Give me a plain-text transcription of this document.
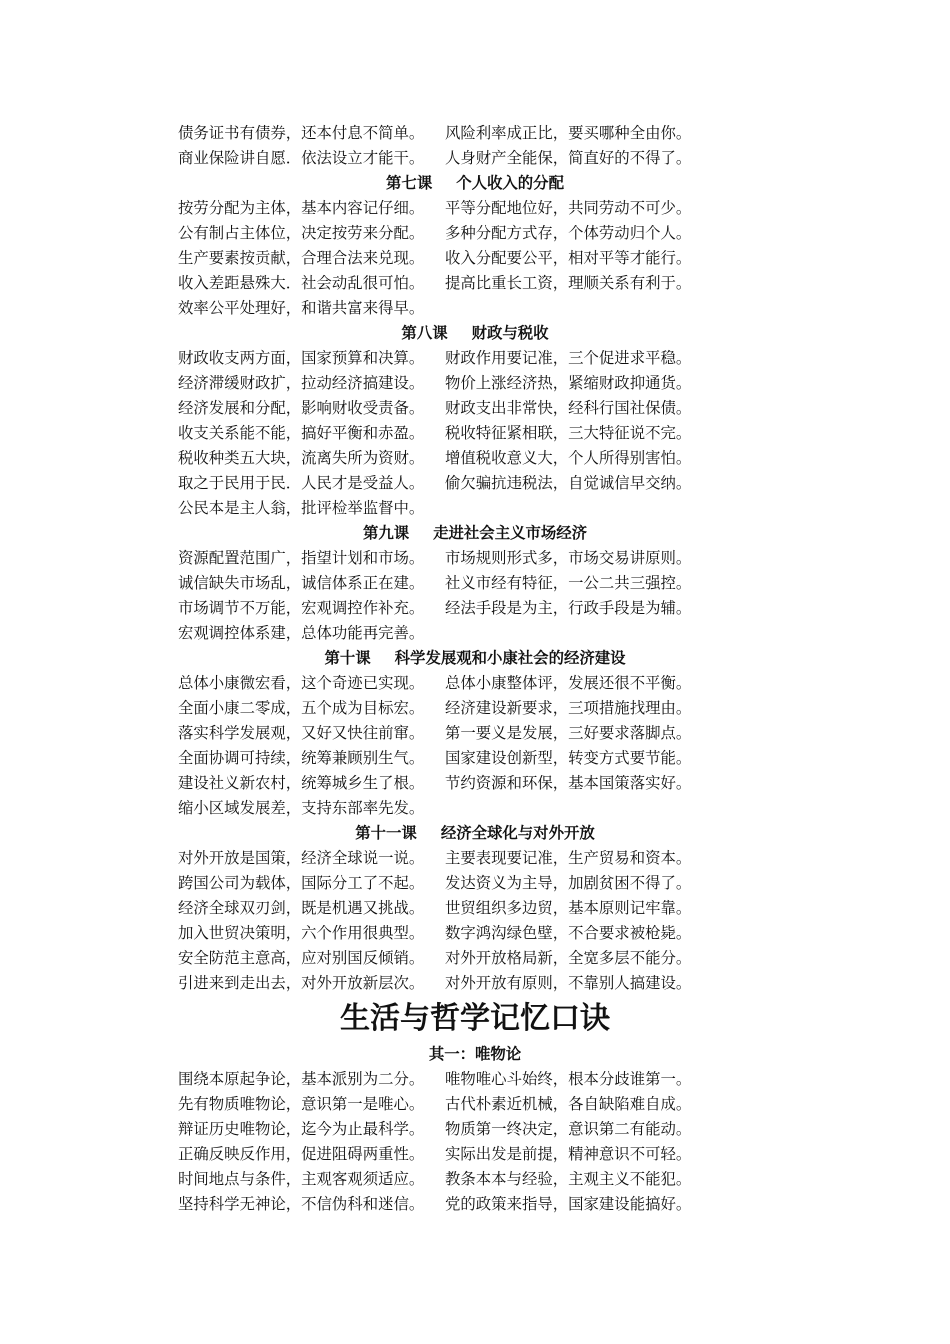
债务证书有债券，还本付息不简单。 风险利率成正比，要买哪种全由你。
商业保险讲自愿．依法设立才能干。 人身财产全能保，简直好的不得了。
第七课 个人收入的分配
按劳分配为主体，基本内容记仔细。 平等分配地位好，共同劳动不可少。
公有制占主体位，决定按劳来分配。 多种分配方式存，个体劳动归个人。
生产要素按贡献，合理合法来兑现。 收入分配要公平，相对平等才能行。
收入差距悬殊大．社会动乱很可怕。 提高比重长工资，理顺关系有利于。
效率公平处理好，和谐共富来得早。
第八课 财政与税收
财政收支两方面，国家预算和决算。 财政作用要记准，三个促进求平稳。
经济滞缓财政扩，拉动经济搞建设。 物价上涨经济热，紧缩财政抑通货。
经济发展和分配，影响财收受责备。 财政支出非常快，经科行国社保债。
收支关系能不能，搞好平衡和赤盈。 税收特征紧相联，三大特征说不完。
税收种类五大块，流离失所为资财。 增值税收意义大，个人所得别害怕。
取之于民用于民．人民才是受益人。 偷欠骗抗违税法，自觉诚信早交纳。
公民本是主人翁，批评检举监督中。
第九课 走进社会主义市场经济
资源配置范围广，指望计划和市场。 市场规则形式多，市场交易讲原则。
诚信缺失市场乱，诚信体系正在建。 社义市经有特征，一公二共三强控。
市场调节不万能，宏观调控作补充。 经法手段是为主，行政手段是为辅。
宏观调控体系建，总体功能再完善。
第十课 科学发展观和小康社会的经济建设
总体小康微宏看，这个奇迹已实现。 总体小康整体评，发展还很不平衡。
全面小康二零成，五个成为目标宏。 经济建设新要求，三项措施找理由。
落实科学发展观，又好又快往前窜。 第一要义是发展，三好要求落脚点。
全面协调可持续，统筹兼顾别生气。 国家建设创新型，转变方式要节能。
建设社义新农村，统筹城乡生了根。 节约资源和环保，基本国策落实好。
缩小区域发展差，支持东部率先发。
第十一课 经济全球化与对外开放
对外开放是国策，经济全球说一说。 主要表现要记准，生产贸易和资本。
跨国公司为载体，国际分工了不起。 发达资义为主导，加剧贫困不得了。
经济全球双刃剑，既是机遇又挑战。 世贸组织多边贸，基本原则记牢靠。
加入世贸决策明，六个作用很典型。 数字鸿沟绿色壁，不合要求被枪毙。
安全防范主意高，应对别国反倾销。 对外开放格局新，全宽多层不能分。
引进来到走出去，对外开放新层次。 对外开放有原则，不靠别人搞建设。
生活与哲学记忆口诀
其一：唯物论
围绕本原起争论，基本派别为二分。 唯物唯心斗始终，根本分歧谁第一。
先有物质唯物论，意识第一是唯心。 古代朴素近机械，各自缺陷难自成。
辩证历史唯物论，迄今为止最科学。 物质第一终决定，意识第二有能动。
正确反映反作用，促进阻碍两重性。 实际出发是前提，精神意识不可轻。
时间地点与条件，主观客观须适应。 教条本本与经验，主观主义不能犯。
坚持科学无神论，不信伪科和迷信。 党的政策来指导，国家建设能搞好。
